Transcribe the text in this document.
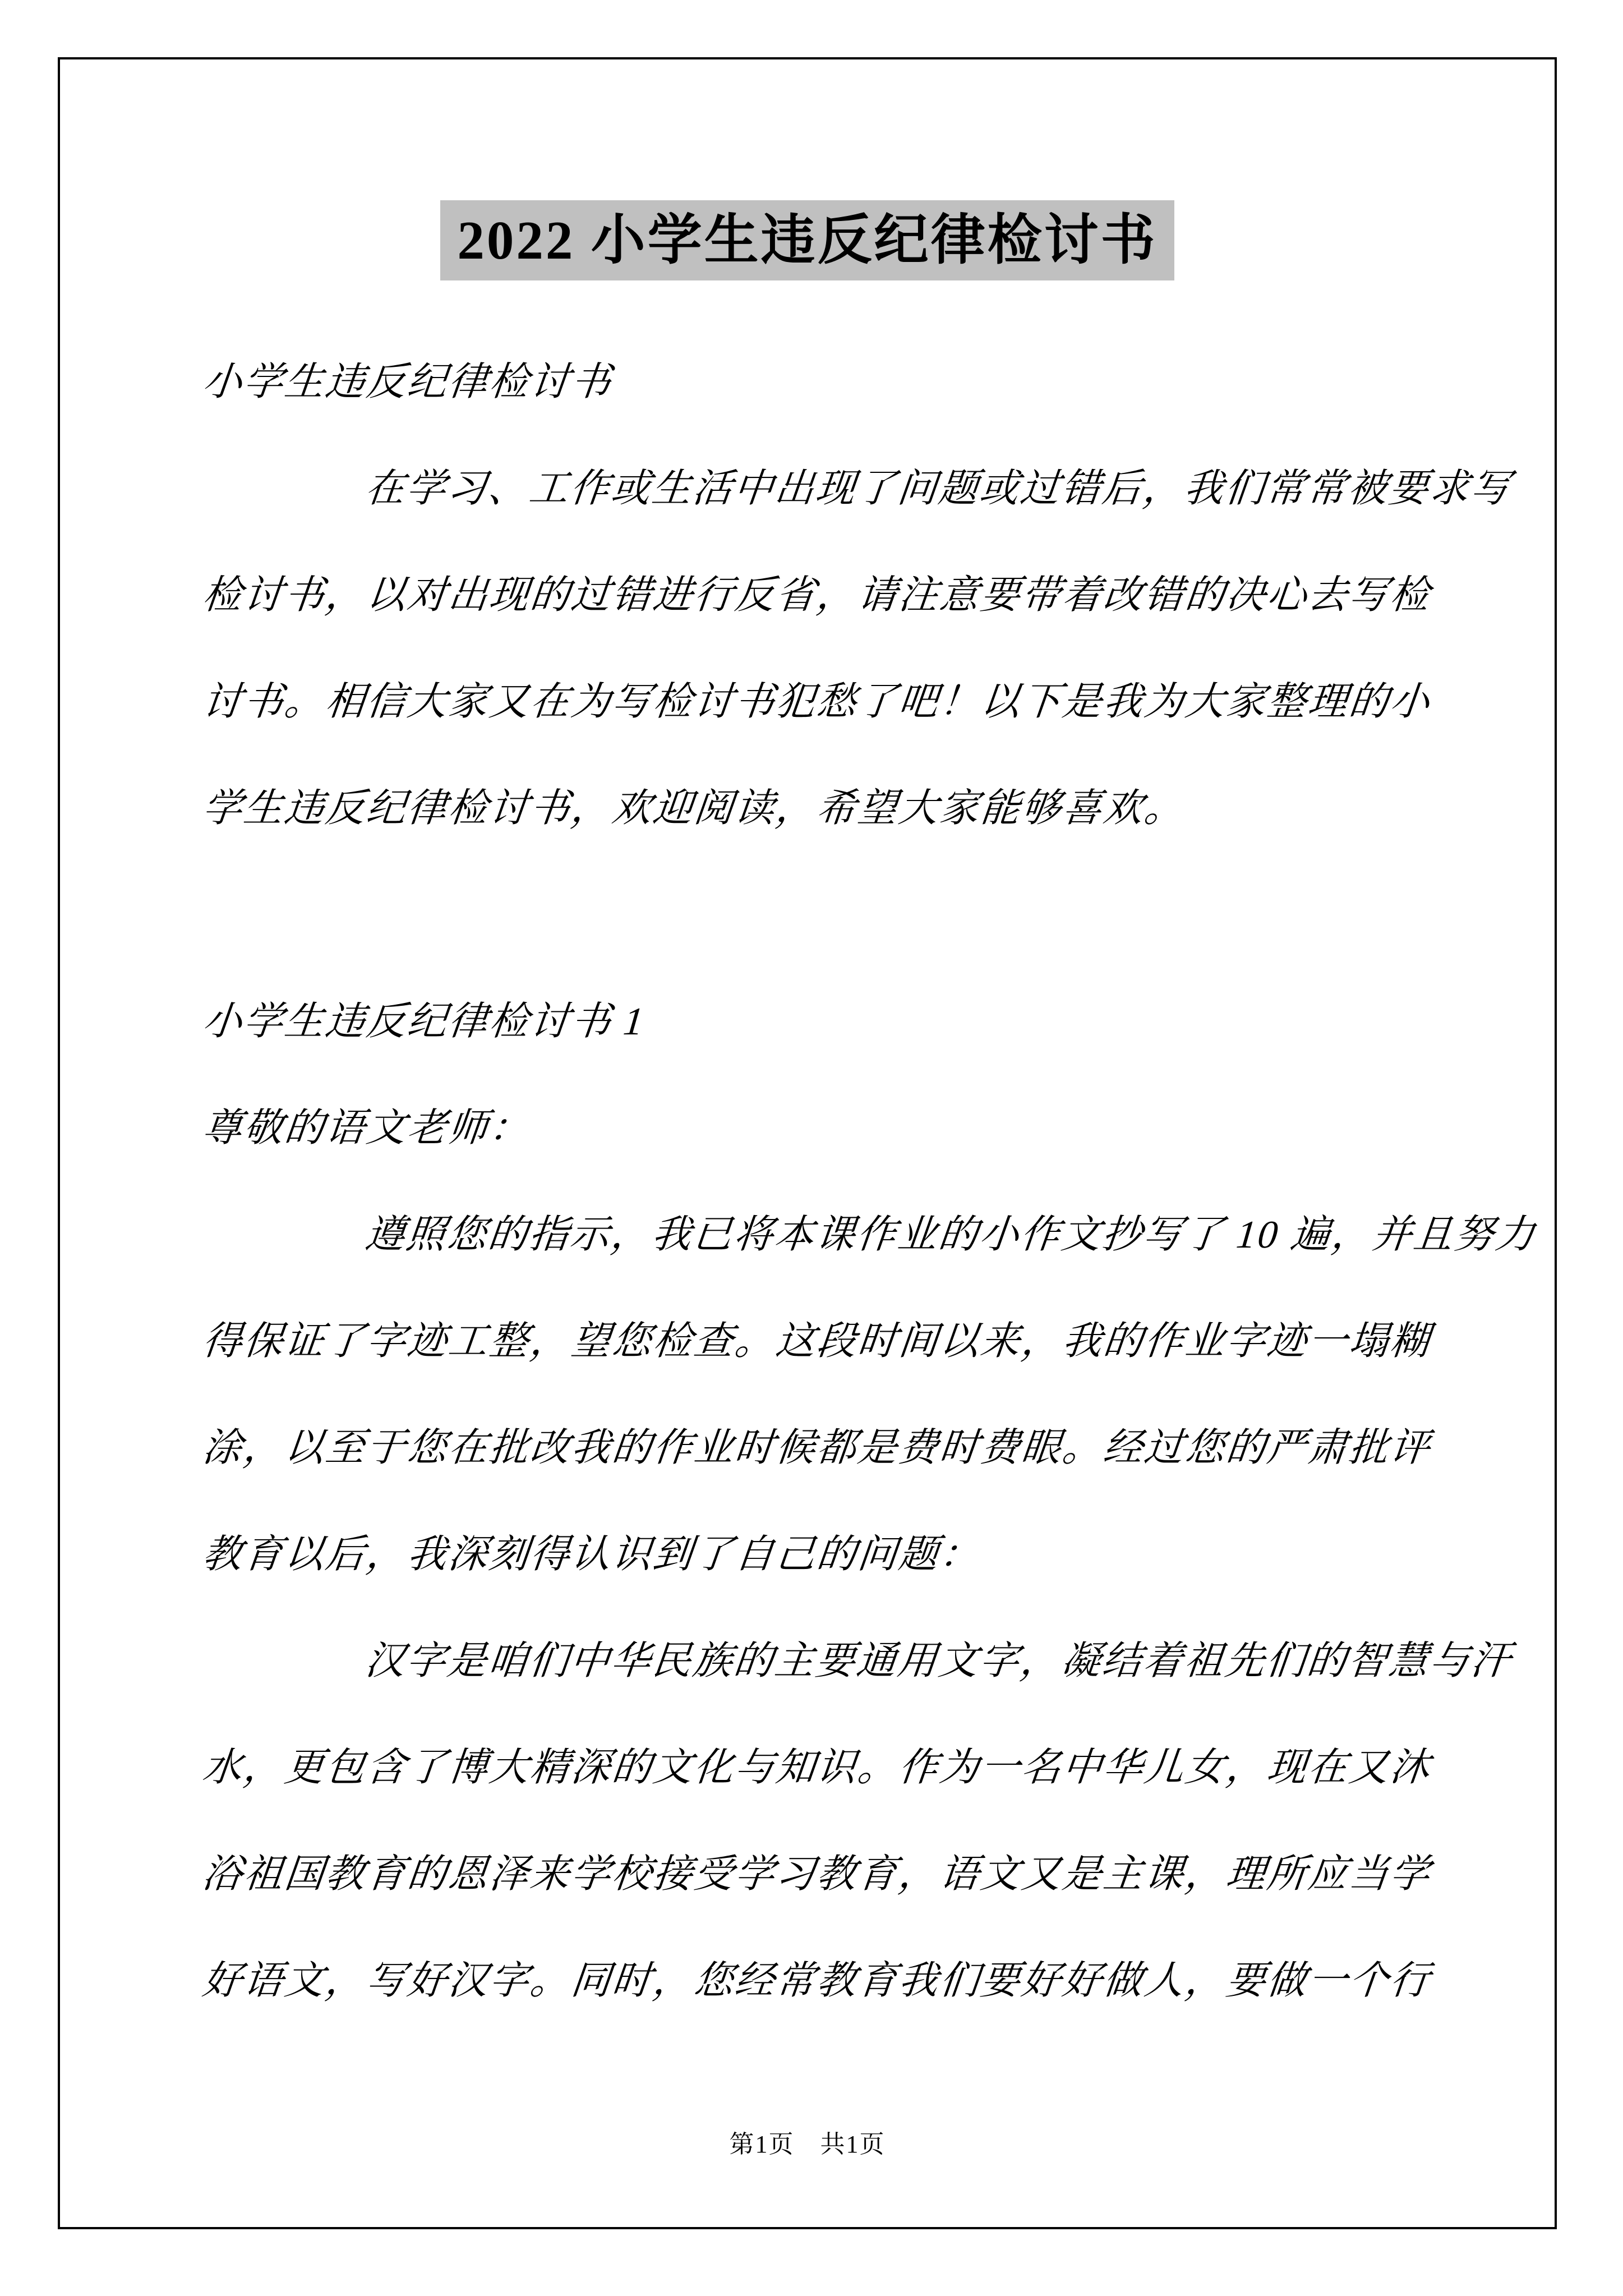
2022 小学生违反纪律检讨书
小学生违反纪律检讨书
在学习、工作或生活中出现了问题或过错后，我们常常被要求写
检讨书，以对出现的过错进行反省，请注意要带着改错的决心去写检
讨书。相信大家又在为写检讨书犯愁了吧！以下是我为大家整理的小
学生违反纪律检讨书，欢迎阅读，希望大家能够喜欢。
小学生违反纪律检讨书 1
尊敬的语文老师：
遵照您的指示，我已将本课作业的小作文抄写了 10 遍，并且努力
得保证了字迹工整，望您检查。这段时间以来，我的作业字迹一塌糊
涂，以至于您在批改我的作业时候都是费时费眼。经过您的严肃批评
教育以后，我深刻得认识到了自己的问题：
汉字是咱们中华民族的主要通用文字，凝结着祖先们的智慧与汗
水，更包含了博大精深的文化与知识。作为一名中华儿女，现在又沐
浴祖国教育的恩泽来学校接受学习教育，语文又是主课，理所应当学
好语文，写好汉字。同时，您经常教育我们要好好做人，要做一个行
第1页　共1页
